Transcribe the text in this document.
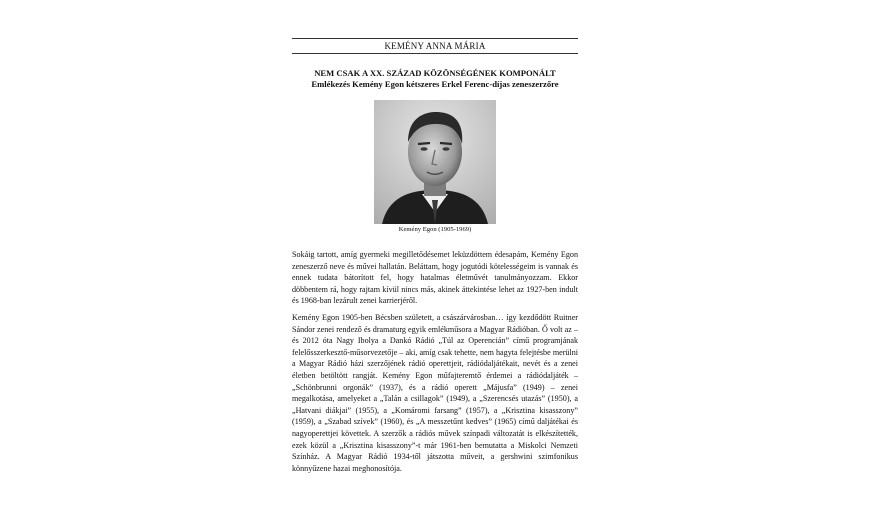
KEMÉNY ANNA MÁRIA
NEM CSAK A XX. SZÁZAD KÖZÖNSÉGÉNEK KOMPONÁLT
Emlékezés Kemény Egon kétszeres Erkel Ferenc-díjas zeneszerzőre
Kemény Egon (1905-1969)

Sokáig tartott, amíg gyermeki megilletődésemet leküzdöttem édesapám, Kemény Egon zeneszerző neve és művei hallatán. Beláttam, hogy jogutódi kötelességeim is vannak és ennek tudata bátorított fel, hogy hatalmas életművét tanulmányozzam. Ekkor döbbentem rá, hogy rajtam kívül nincs más, akinek áttekintése lehet az 1927-ben indult és 1968-ban lezárult zenei karrierjéről.

Kemény Egon 1905-ben Bécsben született, a császárvárosban… így kezdődött Ruitner Sándor zenei rendező és dramaturg egyik emlékműsora a Magyar Rádióban. Ő volt az – és 2012 óta Nagy Ibolya a Dankó Rádió „Túl az Operencián” című programjának felelősszerkesztő-műsorvezetője – aki, amíg csak tehette, nem hagyta felejtésbe merülni a Magyar Rádió házi szerzőjének rádió operettjeit, rádiódaljátékait, nevét és a zenei életben betöltött rangját. Kemény Egon műfajteremtő érdemei a rádiódaljáték – „Schönbrunni orgonák” (1937), és a rádió operett „Májusfa” (1949) – zenei megalkotása, amelyeket a „Talán a csillagok” (1949), a „Szerencsés utazás” (1950), a „Hatvani diákjai” (1955), a „Komáromi farsang” (1957), a „Krisztina kisasszony” (1959), a „Szabad szívek” (1960), és „A messzetűnt kedves” (1965) című daljátékai és nagyoperettjei követtek. A szerzők a rádiós művek színpadi változatát is elkészítették, ezek közül a „Krisztina kisasszony”-t már 1961-ben bemutatta a Miskolci Nemzeti Színház. A Magyar Rádió 1934-től játszotta műveit, a gershwini szimfonikus könnyűzene hazai meghonosítója.
